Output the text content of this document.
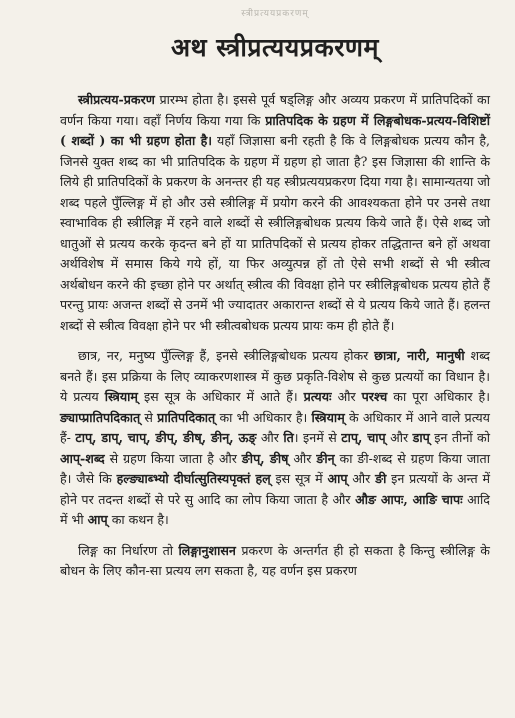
स्त्रीप्रत्ययप्रकरणम्
अथ स्त्रीप्रत्ययप्रकरणम्

स्त्रीप्रत्यय-प्रकरण प्रारम्भ होता है। इससे पूर्व षड्लिङ्ग और अव्यय प्रकरण में प्रातिपदिकों का वर्णन किया गया। वहाँ निर्णय किया गया कि प्रातिपदिक के ग्रहण में लिङ्गबोधक-प्रत्यय-विशिष्टों ( शब्दों ) का भी ग्रहण होता है। यहाँ जिज्ञासा बनी रहती है कि वे लिङ्गबोधक प्रत्यय कौन है, जिनसे युक्त शब्द का भी प्रातिपदिक के ग्रहण में ग्रहण हो जाता है? इस जिज्ञासा की शान्ति के लिये ही प्रातिपदिकों के प्रकरण के अनन्तर ही यह स्त्रीप्रत्ययप्रकरण दिया गया है। सामान्यतया जो शब्द पहले पुँल्लिङ्ग में हो और उसे स्त्रीलिङ्ग में प्रयोग करने की आवश्यकता होने पर उनसे तथा स्वाभाविक ही स्त्रीलिङ्ग में रहने वाले शब्दों से स्त्रीलिङ्गबोधक प्रत्यय किये जाते हैं। ऐसे शब्द जो धातुओं से प्रत्यय करके कृदन्त बने हों या प्रातिपदिकों से प्रत्यय होकर तद्धितान्त बने हों अथवा अर्थविशेष में समास किये गये हों, या फिर अव्युत्पन्न हों तो ऐसे सभी शब्दों से भी स्त्रीत्व अर्थबोधन करने की इच्छा होने पर अर्थात् स्त्रीत्व की विवक्षा होने पर स्त्रीलिङ्गबोधक प्रत्यय होते हैं परन्तु प्रायः अजन्त शब्दों से उनमें भी ज्यादातर अकारान्त शब्दों से ये प्रत्यय किये जाते हैं। हलन्त शब्दों से स्त्रीत्व विवक्षा होने पर भी स्त्रीत्वबोधक प्रत्यय प्रायः कम ही होते हैं।

छात्र, नर, मनुष्य पुँल्लिङ्ग हैं, इनसे स्त्रीलिङ्गबोधक प्रत्यय होकर छात्रा, नारी, मानुषी शब्द बनते हैं। इस प्रक्रिया के लिए व्याकरणशास्त्र में कुछ प्रकृति-विशेष से कुछ प्रत्ययों का विधान है। ये प्रत्यय स्त्रियाम् इस सूत्र के अधिकार में आते हैं। प्रत्ययः और परश्च का पूरा अधिकार है। ङ्याप्प्रातिपदिकात् से प्रातिपदिकात् का भी अधिकार है। स्त्रियाम् के अधिकार में आने वाले प्रत्यय हैं- टाप्, डाप्, चाप्, ङीप्, ङीष्, ङीन्, ऊङ् और ति। इनमें से टाप्, चाप् और डाप् इन तीनों को आप्-शब्द से ग्रहण किया जाता है और ङीप्, ङीष् और ङीन् का ङी-शब्द से ग्रहण किया जाता है। जैसे कि हल्ङ्याब्भ्यो दीर्घात्सुतिस्यपृक्तं हल् इस सूत्र में आप् और ङी इन प्रत्ययों के अन्त में होने पर तदन्त शब्दों से परे सु आदि का लोप किया जाता है और औङ आपः, आङि चापः आदि में भी आप् का कथन है।

लिङ्ग का निर्धारण तो लिङ्गानुशासन प्रकरण के अन्तर्गत ही हो सकता है किन्तु स्त्रीलिङ्ग के बोधन के लिए कौन-सा प्रत्यय लग सकता है, यह वर्णन इस प्रकरण
